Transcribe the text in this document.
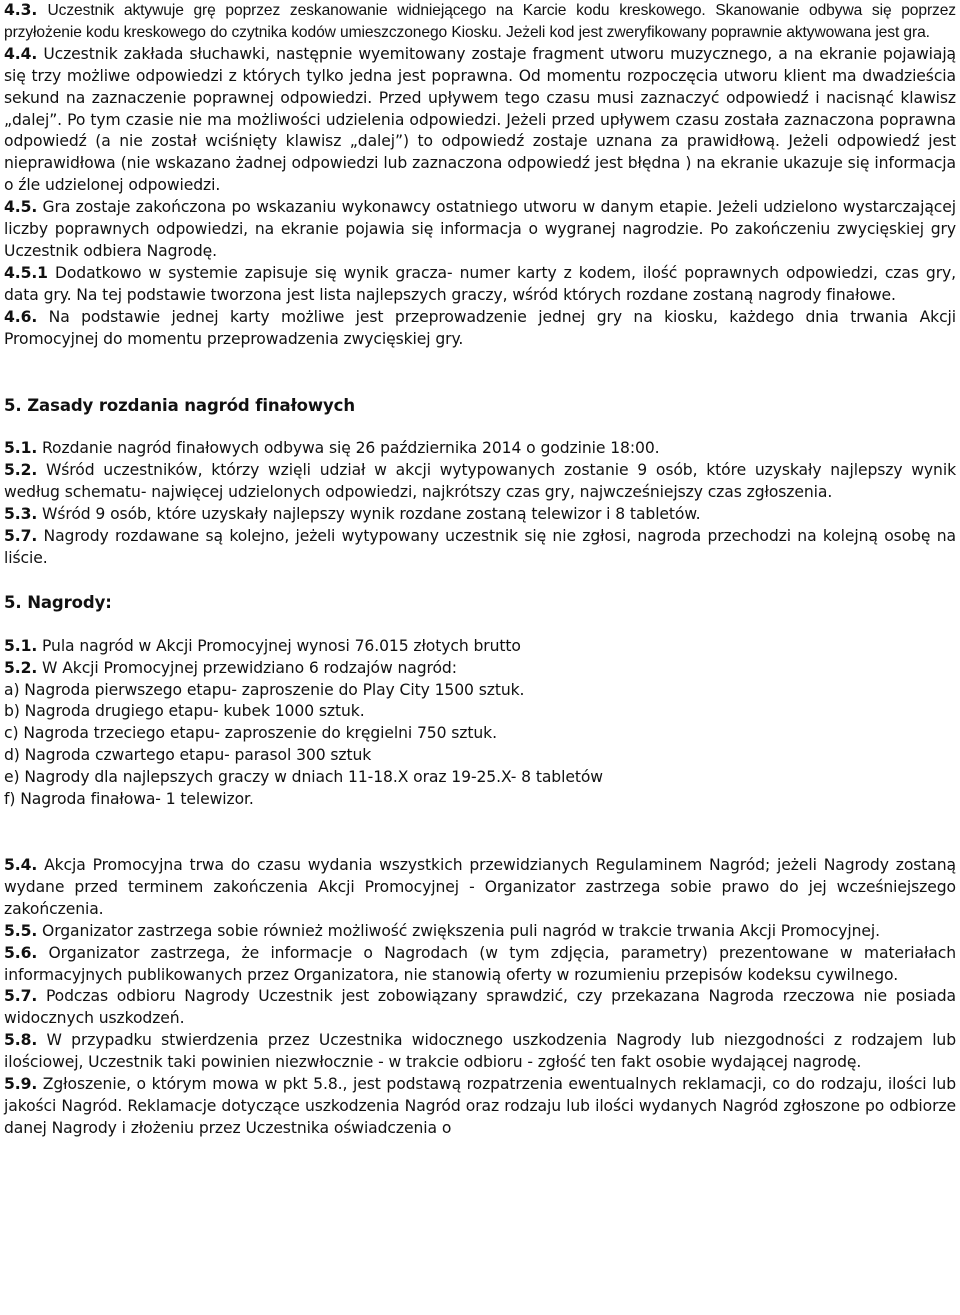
4.3. Uczestnik aktywuje grę poprzez zeskanowanie widniejącego na Karcie kodu kreskowego. Skanowanie odbywa się poprzez przyłożenie kodu kreskowego do czytnika kodów umieszczonego Kiosku. Jeżeli kod jest zweryfikowany poprawnie aktywowana jest gra.

4.4. Uczestnik zakłada słuchawki, następnie wyemitowany zostaje fragment utworu muzycznego, a na ekranie pojawiają się trzy możliwe odpowiedzi z których tylko jedna jest poprawna. Od momentu rozpoczęcia utworu klient ma dwadzieścia sekund na zaznaczenie poprawnej odpowiedzi. Przed upływem tego czasu musi zaznaczyć odpowiedź i nacisnąć klawisz „dalej”. Po tym czasie nie ma możliwości udzielenia odpowiedzi. Jeżeli przed upływem czasu została zaznaczona poprawna odpowiedź (a nie został wciśnięty klawisz „dalej”) to odpowiedź zostaje uznana za prawidłową. Jeżeli odpowiedź jest nieprawidłowa (nie wskazano żadnej odpowiedzi lub zaznaczona odpowiedź jest błędna ) na ekranie ukazuje się informacja o źle udzielonej odpowiedzi.

4.5. Gra zostaje zakończona po wskazaniu wykonawcy ostatniego utworu w danym etapie. Jeżeli udzielono wystarczającej liczby poprawnych odpowiedzi, na ekranie pojawia się informacja o wygranej nagrodzie. Po zakończeniu zwycięskiej gry Uczestnik odbiera Nagrodę.

4.5.1 Dodatkowo w systemie zapisuje się wynik gracza- numer karty z kodem, ilość poprawnych odpowiedzi, czas gry, data gry. Na tej podstawie tworzona jest lista najlepszych graczy, wśród których rozdane zostaną nagrody finałowe.

4.6. Na podstawie jednej karty możliwe jest przeprowadzenie jednej gry na kiosku, każdego dnia trwania Akcji Promocyjnej do momentu przeprowadzenia zwycięskiej gry.

5. Zasady rozdania nagród finałowych

5.1. Rozdanie nagród finałowych odbywa się 26 października 2014 o godzinie 18:00.

5.2. Wśród uczestników, którzy wzięli udział w akcji wytypowanych zostanie 9 osób, które uzyskały najlepszy wynik według schematu- najwięcej udzielonych odpowiedzi, najkrótszy czas gry, najwcześniejszy czas zgłoszenia.

5.3. Wśród 9 osób, które uzyskały najlepszy wynik rozdane zostaną telewizor i 8 tabletów.

5.7. Nagrody rozdawane są kolejno, jeżeli wytypowany uczestnik się nie zgłosi, nagroda przechodzi na kolejną osobę na liście.

5. Nagrody:

5.1. Pula nagród w Akcji Promocyjnej wynosi 76.015 złotych brutto

5.2. W Akcji Promocyjnej przewidziano 6 rodzajów nagród:

a) Nagroda pierwszego etapu- zaproszenie do Play City 1500 sztuk.

b) Nagroda drugiego etapu- kubek 1000 sztuk.

c) Nagroda trzeciego etapu- zaproszenie do kręgielni 750 sztuk.

d) Nagroda czwartego etapu- parasol 300 sztuk

e) Nagrody dla najlepszych graczy w dniach 11-18.X oraz 19-25.X- 8 tabletów

f) Nagroda finałowa- 1 telewizor.

5.4. Akcja Promocyjna trwa do czasu wydania wszystkich przewidzianych Regulaminem Nagród; jeżeli Nagrody zostaną wydane przed terminem zakończenia Akcji Promocyjnej - Organizator zastrzega sobie prawo do jej wcześniejszego zakończenia.

5.5. Organizator zastrzega sobie również możliwość zwiększenia puli nagród w trakcie trwania Akcji Promocyjnej.

5.6. Organizator zastrzega, że informacje o Nagrodach (w tym zdjęcia, parametry) prezentowane w materiałach informacyjnych publikowanych przez Organizatora, nie stanowią oferty w rozumieniu przepisów kodeksu cywilnego.

5.7. Podczas odbioru Nagrody Uczestnik jest zobowiązany sprawdzić, czy przekazana Nagroda rzeczowa nie posiada widocznych uszkodzeń.

5.8. W przypadku stwierdzenia przez Uczestnika widocznego uszkodzenia Nagrody lub niezgodności z rodzajem lub ilościowej, Uczestnik taki powinien niezwłocznie - w trakcie odbioru - zgłość ten fakt osobie wydającej nagrodę.

5.9. Zgłoszenie, o którym mowa w pkt 5.8., jest podstawą rozpatrzenia ewentualnych reklamacji, co do rodzaju, ilości lub jakości Nagród. Reklamacje dotyczące uszkodzenia Nagród oraz rodzaju lub ilości wydanych Nagród zgłoszone po odbiorze danej Nagrody i złożeniu przez Uczestnika oświadczenia o
